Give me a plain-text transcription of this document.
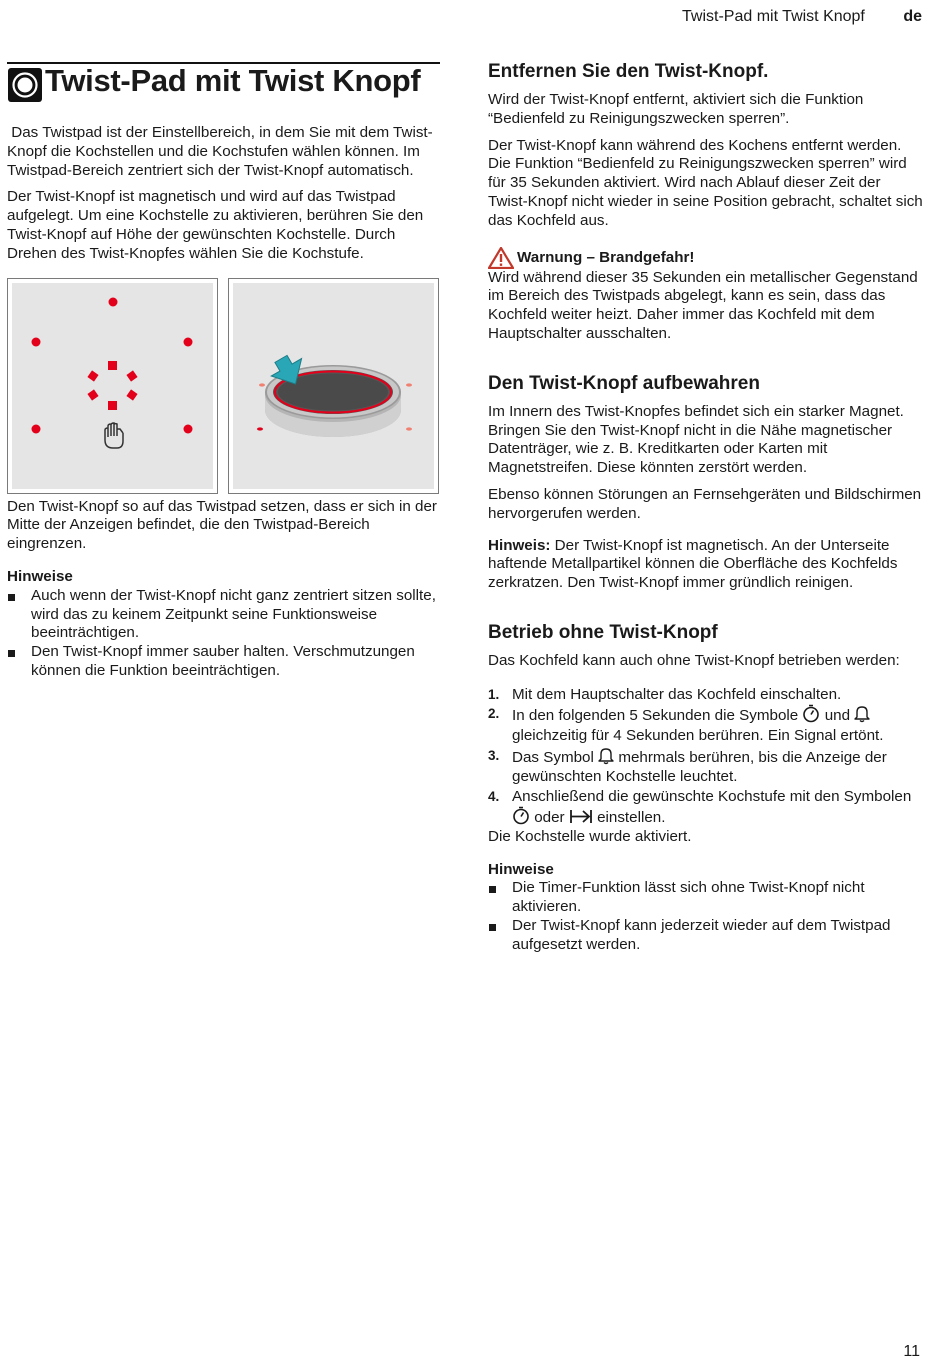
Twist-Pad mit Twist Knopf de
Twist-Pad mit Twist Knopf

Das Twistpad ist der Einstellbereich, in dem Sie mit dem Twist-Knopf die Kochstellen und die Kochstufen wählen können. Im Twistpad-Bereich zentriert sich der Twist-Knopf automatisch.

Der Twist-Knopf ist magnetisch und wird auf das Twistpad aufgelegt. Um eine Kochstelle zu aktivieren, berühren Sie den Twist-Knopf auf Höhe der gewünschten Kochstelle. Durch Drehen des Twist-Knopfes wählen Sie die Kochstufe.

Den Twist-Knopf so auf das Twistpad setzen, dass er sich in der Mitte der Anzeigen befindet, die den Twistpad-Bereich eingrenzen.

Hinweise
Auch wenn der Twist-Knopf nicht ganz zentriert sitzen sollte, wird das zu keinem Zeitpunkt seine Funktionsweise beeinträchtigen.
Den Twist-Knopf immer sauber halten. Verschmutzungen können die Funktion beeinträchtigen.
Entfernen Sie den Twist-Knopf.

Wird der Twist-Knopf entfernt, aktiviert sich die Funktion “Bedienfeld zu Reinigungszwecken sperren”.

Der Twist-Knopf kann während des Kochens entfernt werden. Die Funktion “Bedienfeld zu Reinigungszwecken sperren” wird für 35 Sekunden aktiviert. Wird nach Ablauf dieser Zeit der Twist-Knopf nicht wieder in seine Position gebracht, schaltet sich das Kochfeld aus.

Warnung – Brandgefahr!

Wird während dieser 35 Sekunden ein metallischer Gegenstand im Bereich des Twistpads abgelegt, kann es sein, dass das Kochfeld weiter heizt. Daher immer das Kochfeld mit dem Hauptschalter ausschalten.

Den Twist-Knopf aufbewahren

Im Innern des Twist-Knopfes befindet sich ein starker Magnet. Bringen Sie den Twist-Knopf nicht in die Nähe magnetischer Datenträger, wie z. B. Kreditkarten oder Karten mit Magnetstreifen. Diese könnten zerstört werden.

Ebenso können Störungen an Fernsehgeräten und Bildschirmen hervorgerufen werden.

Hinweis: Der Twist-Knopf ist magnetisch. An der Unterseite haftende Metallpartikel können die Oberfläche des Kochfelds zerkratzen. Den Twist-Knopf immer gründlich reinigen.

Betrieb ohne Twist-Knopf

Das Kochfeld kann auch ohne Twist-Knopf betrieben werden:

1. Mit dem Hauptschalter das Kochfeld einschalten.
2. In den folgenden 5 Sekunden die Symbole  und  gleichzeitig für 4 Sekunden berühren. Ein Signal ertönt.
3. Das Symbol  mehrmals berühren, bis die Anzeige der gewünschten Kochstelle leuchtet.
4. Anschließend die gewünschte Kochstufe mit den Symbolen  oder  einstellen.

Die Kochstelle wurde aktiviert.

Hinweise
Die Timer-Funktion lässt sich ohne Twist-Knopf nicht aktivieren.
Der Twist-Knopf kann jederzeit wieder auf dem Twistpad aufgesetzt werden.
11
